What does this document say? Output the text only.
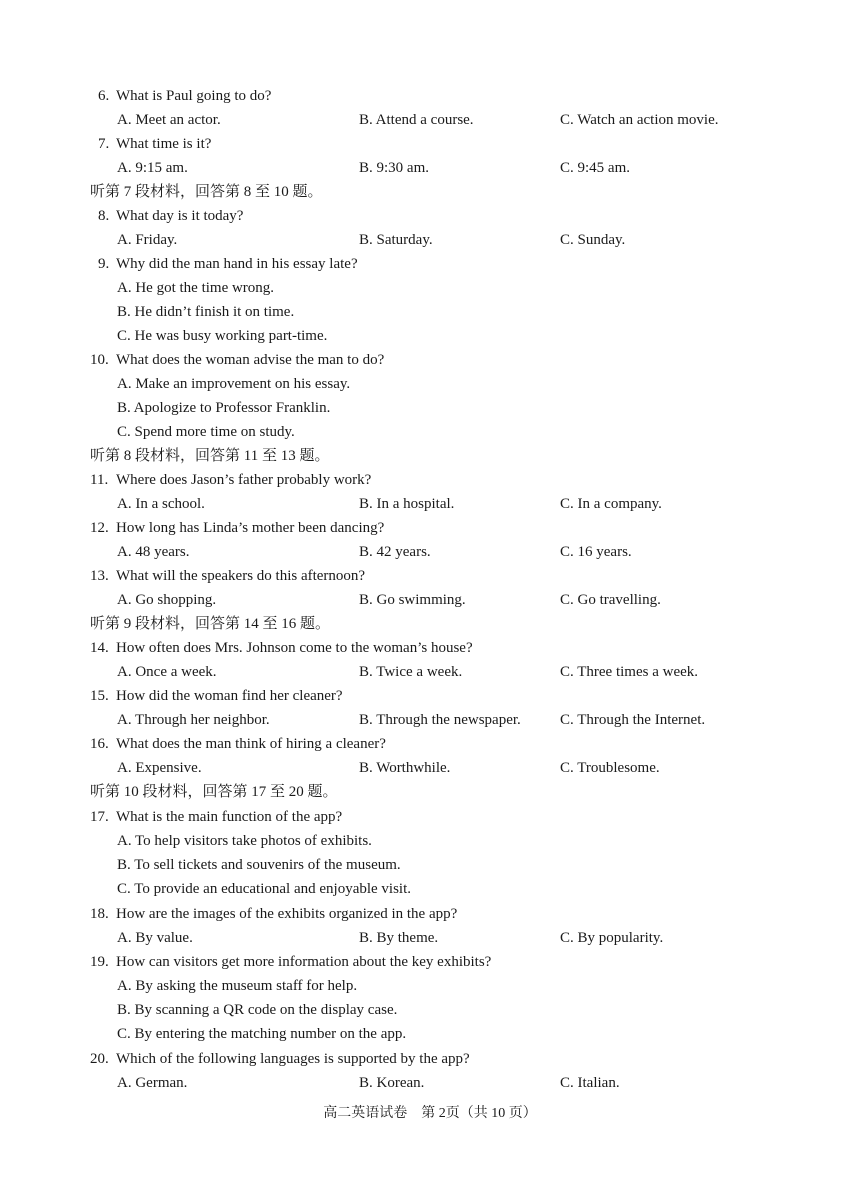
6. What is Paul going to do?
A. Meet an actor.	B. Attend a course.	C. Watch an action movie.
7. What time is it?
A. 9:15 am.	B. 9:30 am.	C. 9:45 am.
听第 7 段材料，回答第 8 至 10 题。
8. What day is it today?
A. Friday.	B. Saturday.	C. Sunday.
9. Why did the man hand in his essay late?
A. He got the time wrong.
B. He didn’t finish it on time.
C. He was busy working part-time.
10. What does the woman advise the man to do?
A. Make an improvement on his essay.
B. Apologize to Professor Franklin.
C. Spend more time on study.
听第 8 段材料，回答第 11 至 13 题。
11. Where does Jason’s father probably work?
A. In a school.	B. In a hospital.	C. In a company.
12. How long has Linda’s mother been dancing?
A. 48 years.	B. 42 years.	C. 16 years.
13. What will the speakers do this afternoon?
A. Go shopping.	B. Go swimming.	C. Go travelling.
听第 9 段材料，回答第 14 至 16 题。
14. How often does Mrs. Johnson come to the woman’s house?
A. Once a week.	B. Twice a week.	C. Three times a week.
15. How did the woman find her cleaner?
A. Through her neighbor.	B. Through the newspaper.	C. Through the Internet.
16. What does the man think of hiring a cleaner?
A. Expensive.	B. Worthwhile.	C. Troublesome.
听第 10 段材料，回答第 17 至 20 题。
17. What is the main function of the app?
A. To help visitors take photos of exhibits.
B. To sell tickets and souvenirs of the museum.
C. To provide an educational and enjoyable visit.
18. How are the images of the exhibits organized in the app?
A. By value.	B. By theme.	C. By popularity.
19. How can visitors get more information about the key exhibits?
A. By asking the museum staff for help.
B. By scanning a QR code on the display case.
C. By entering the matching number on the app.
20. Which of the following languages is supported by the app?
A. German.	B. Korean.	C. Italian.
高二英语试卷　第 2页（共 10 页）
